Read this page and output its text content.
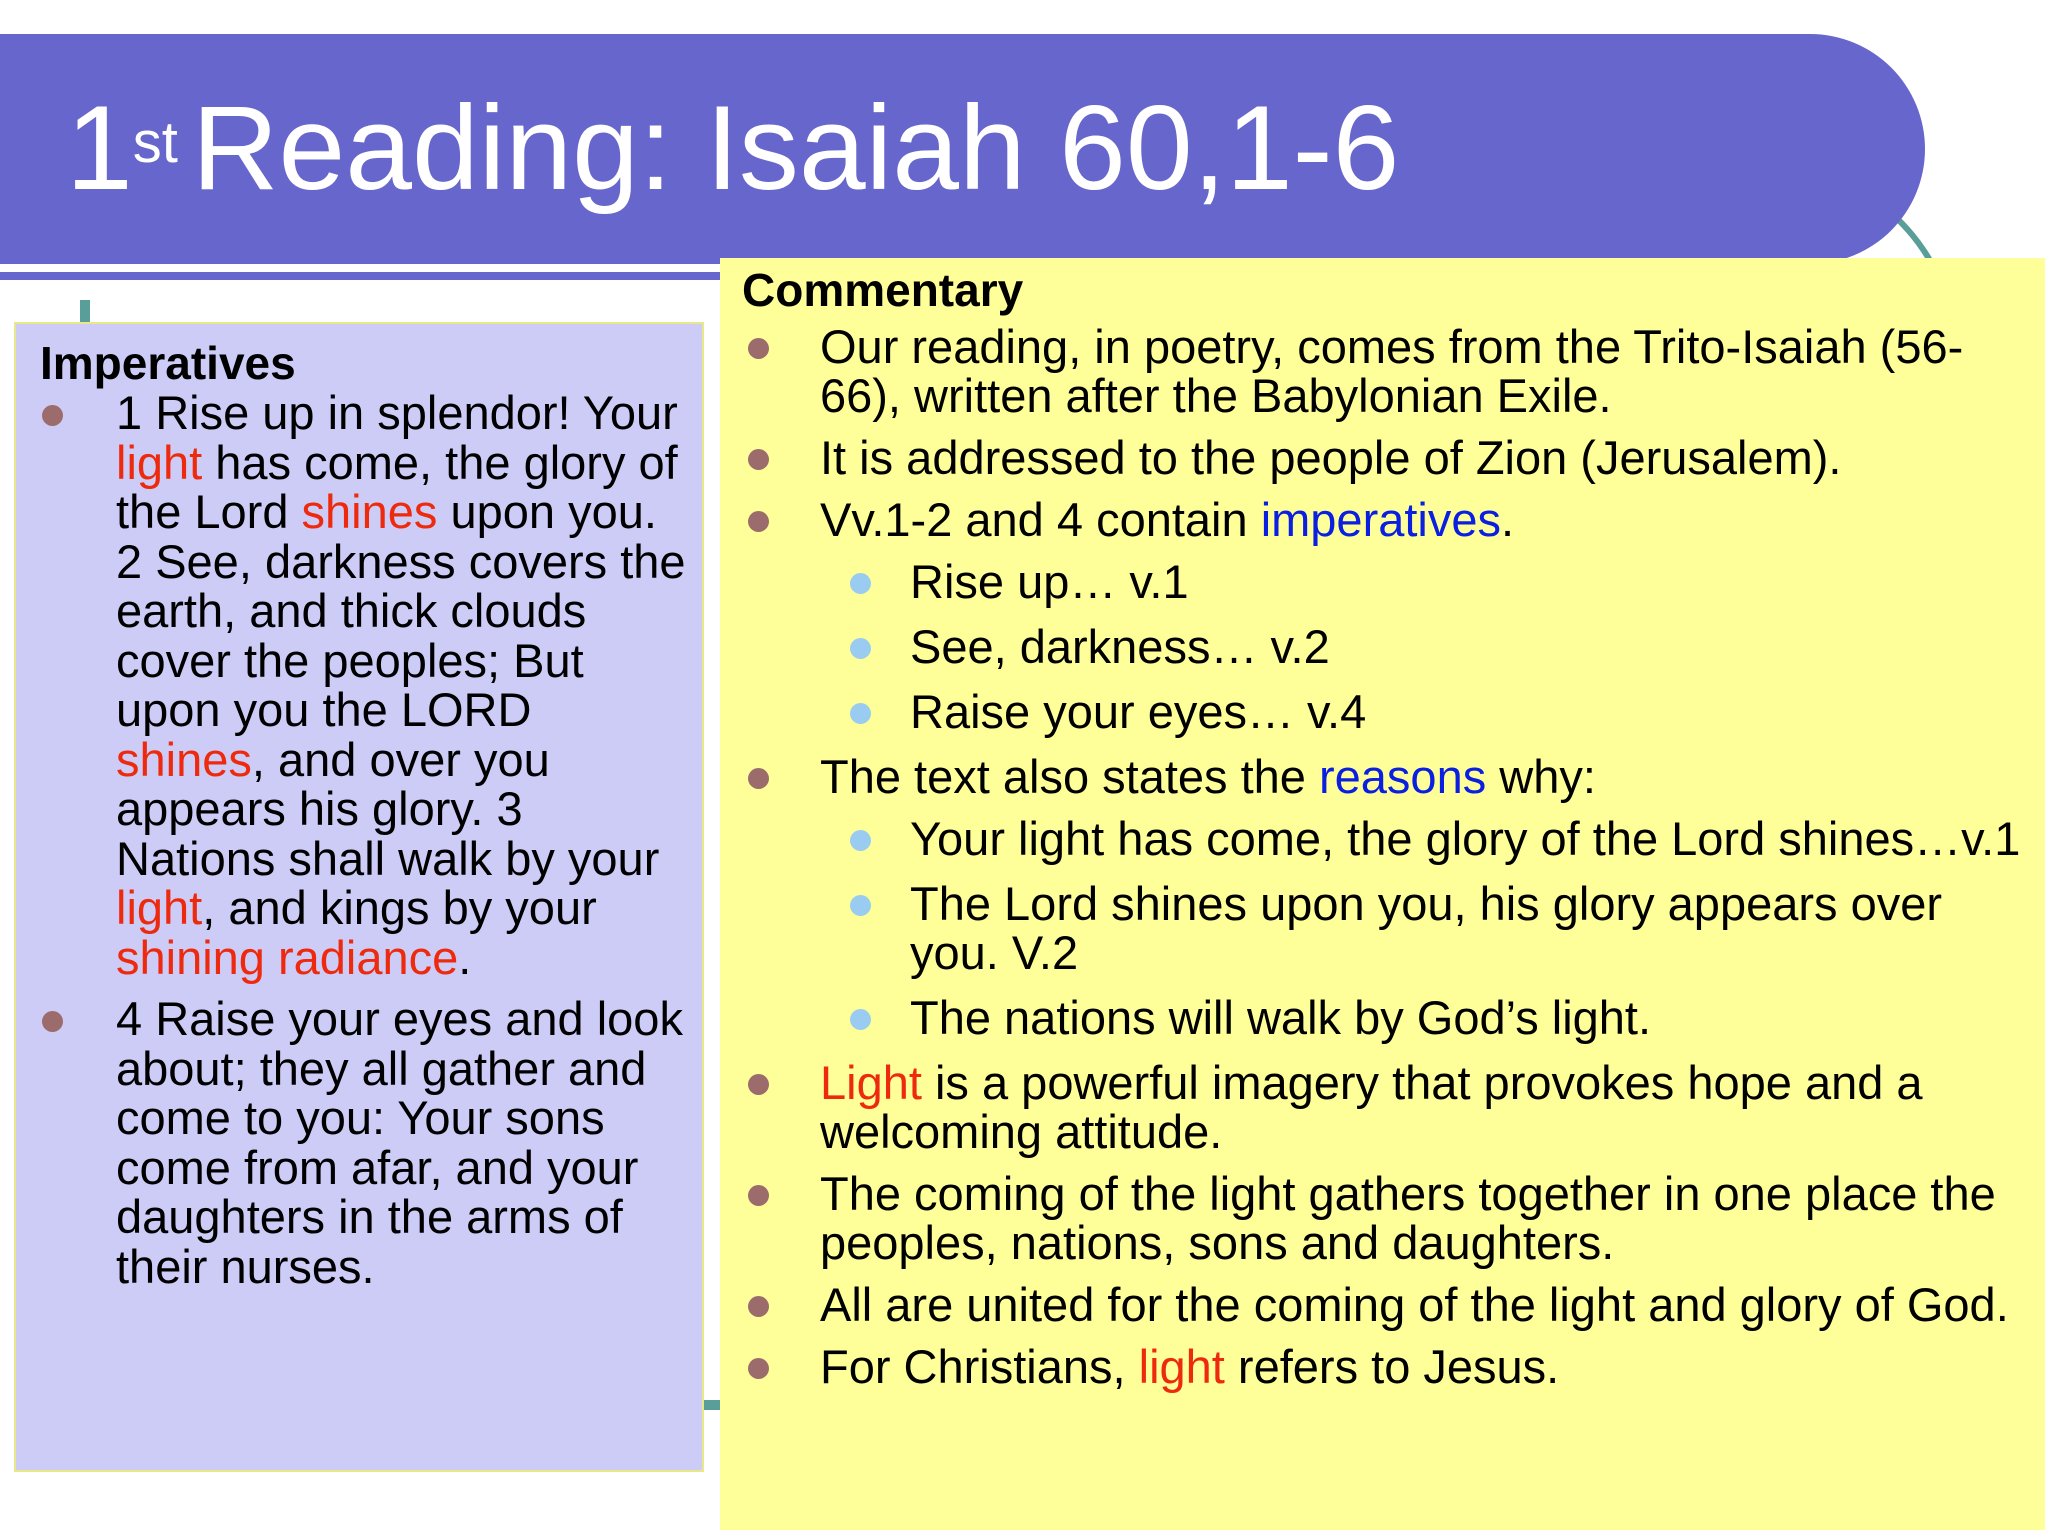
1st Reading: Isaiah 60,1-6
Imperatives
1 Rise up in splendor! Your light has come, the glory of the Lord shines upon you. 2 See, darkness covers the earth, and thick clouds cover the peoples; But upon you the LORD shines, and over you appears his glory. 3 Nations shall walk by your light, and kings by your shining radiance.
4 Raise your eyes and look about; they all gather and come to you: Your sons come from afar, and your daughters in the arms of their nurses.
Commentary
Our reading, in poetry, comes from the Trito-Isaiah (56-66), written after the Babylonian Exile.
It is addressed to the people of Zion (Jerusalem).
Vv.1-2 and 4 contain imperatives.
Rise up… v.1
See, darkness… v.2
Raise your eyes… v.4
The text also states the reasons why:
Your light has come, the glory of the Lord shines…v.1
The Lord shines upon you, his glory appears over you. V.2
The nations will walk by God’s light.
Light is a powerful imagery that provokes hope and a welcoming attitude.
The coming of the light gathers together in one place the peoples, nations, sons and daughters.
All are united for the coming of the light and glory of God.
For Christians, light refers to Jesus.
